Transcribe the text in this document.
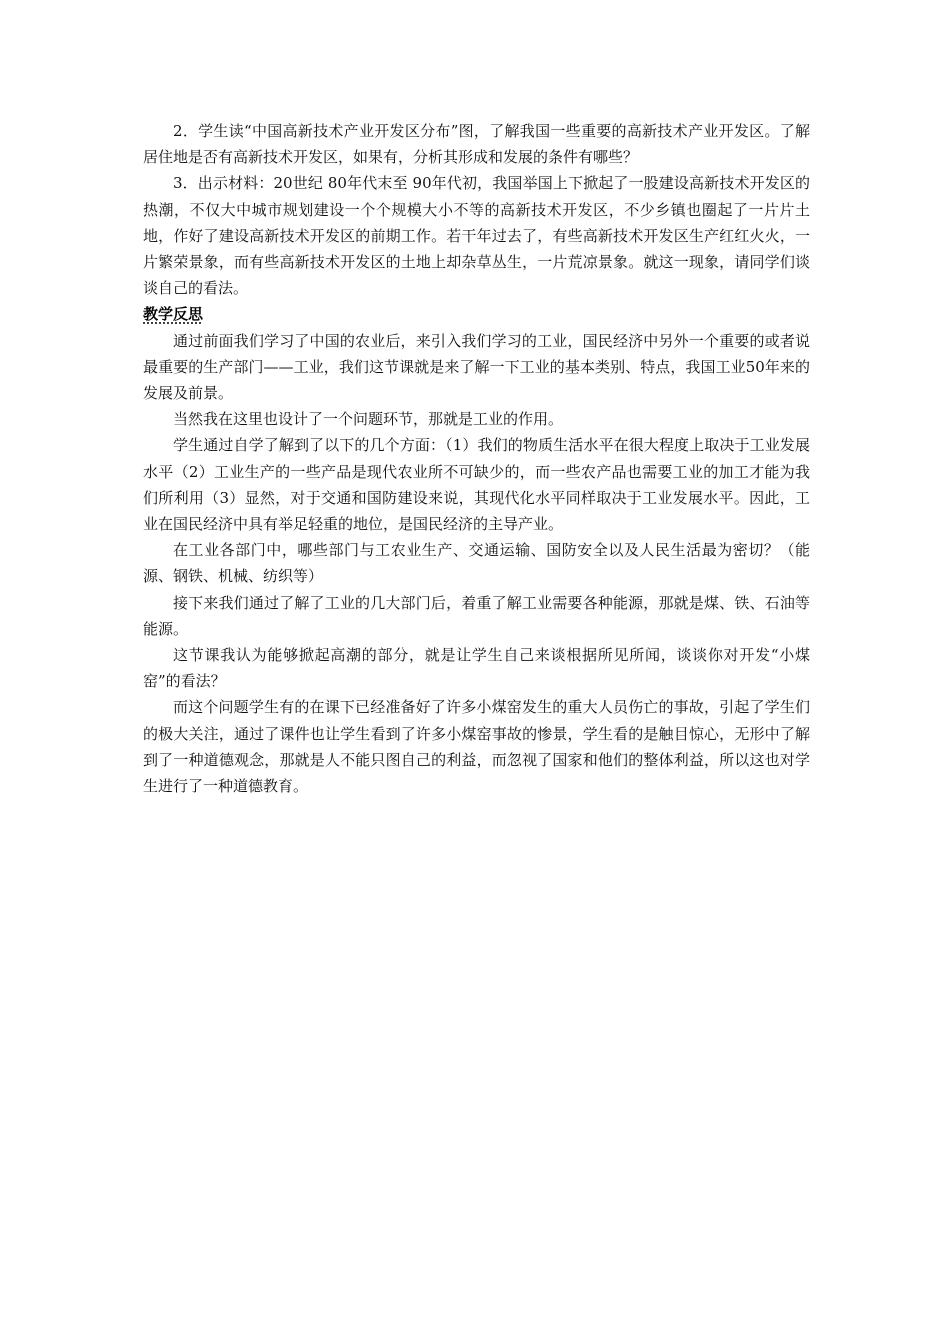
2．学生读“中国高新技术产业开发区分布”图，了解我国一些重要的高新技术产业开发区。了解居住地是否有高新技术开发区，如果有，分析其形成和发展的条件有哪些？

3．出示材料：20世纪 80年代末至 90年代初，我国举国上下掀起了一股建设高新技术开发区的热潮，不仅大中城市规划建设一个个规模大小不等的高新技术开发区，不少乡镇也圈起了一片片土地，作好了建设高新技术开发区的前期工作。若干年过去了，有些高新技术开发区生产红红火火，一片繁荣景象，而有些高新技术开发区的土地上却杂草丛生，一片荒凉景象。就这一现象，请同学们谈谈自己的看法。

教学反思

通过前面我们学习了中国的农业后，来引入我们学习的工业，国民经济中另外一个重要的或者说最重要的生产部门——工业，我们这节课就是来了解一下工业的基本类别、特点，我国工业50年来的发展及前景。

当然我在这里也设计了一个问题环节，那就是工业的作用。

学生通过自学了解到了以下的几个方面：（1）我们的物质生活水平在很大程度上取决于工业发展水平（2）工业生产的一些产品是现代农业所不可缺少的，而一些农产品也需要工业的加工才能为我们所利用（3）显然，对于交通和国防建设来说，其现代化水平同样取决于工业发展水平。因此，工业在国民经济中具有举足轻重的地位，是国民经济的主导产业。

在工业各部门中，哪些部门与工农业生产、交通运输、国防安全以及人民生活最为密切？（能源、钢铁、机械、纺织等）

接下来我们通过了解了工业的几大部门后，着重了解工业需要各种能源，那就是煤、铁、石油等能源。

这节课我认为能够掀起高潮的部分，就是让学生自己来谈根据所见所闻，谈谈你对开发“小煤窑”的看法？

而这个问题学生有的在课下已经准备好了许多小煤窑发生的重大人员伤亡的事故，引起了学生们的极大关注，通过了课件也让学生看到了许多小煤窑事故的惨景，学生看的是触目惊心，无形中了解到了一种道德观念，那就是人不能只图自己的利益，而忽视了国家和他们的整体利益，所以这也对学生进行了一种道德教育。
